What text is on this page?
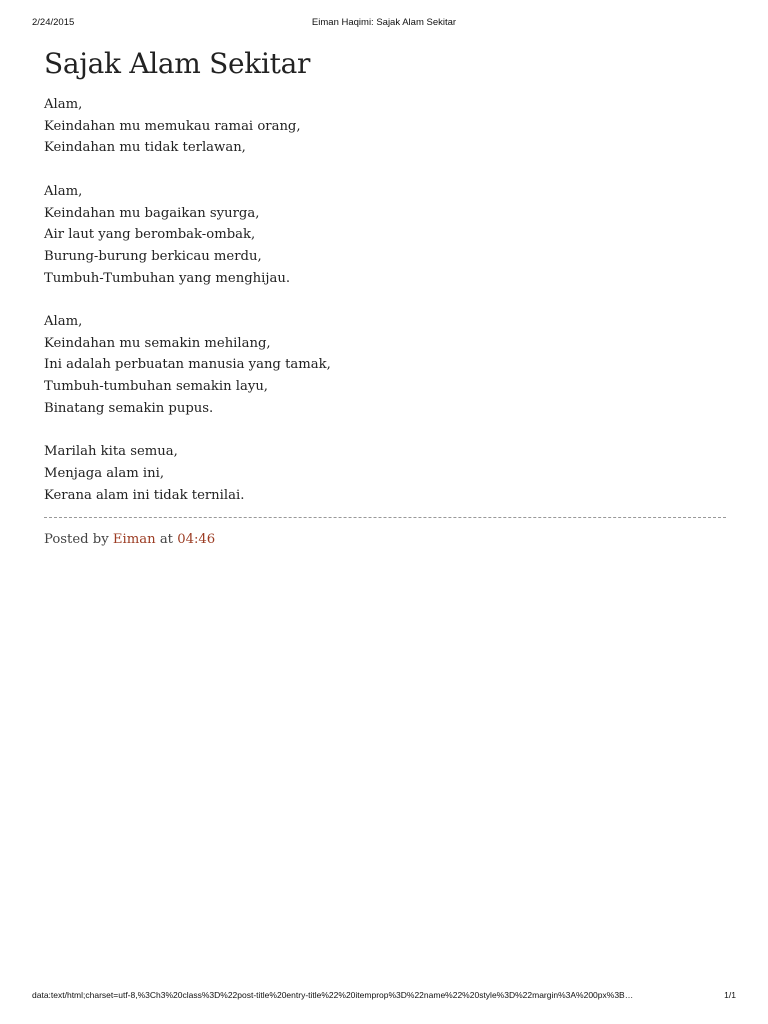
2/24/2015	Eiman Haqimi: Sajak Alam Sekitar
Sajak Alam Sekitar

Alam,
Keindahan mu memukau ramai orang,
Keindahan mu tidak terlawan,

Alam,
Keindahan mu bagaikan syurga,
Air laut yang berombak-ombak,
Burung-burung berkicau merdu,
Tumbuh-Tumbuhan yang menghijau.

Alam,
Keindahan mu semakin mehilang,
Ini adalah perbuatan manusia yang tamak,
Tumbuh-tumbuhan semakin layu,
Binatang semakin pupus.

Marilah kita semua,
Menjaga alam ini,
Kerana alam ini tidak ternilai.

Posted by Eiman at 04:46
data:text/html;charset=utf-8,%3Ch3%20class%3D%22post-title%20entry-title%22%20itemprop%3D%22name%22%20style%3D%22margin%3A%200px%3B…	1/1
